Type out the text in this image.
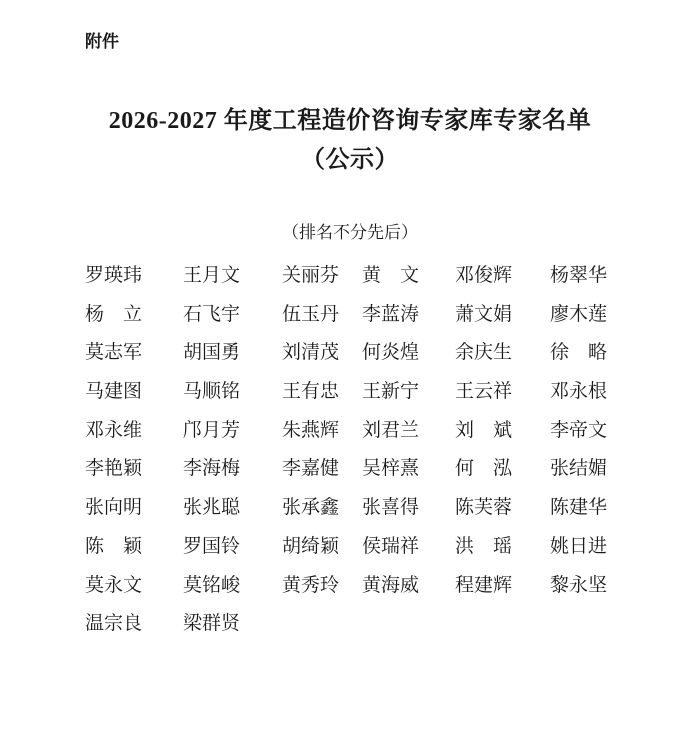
附件
2026-2027 年度工程造价咨询专家库专家名单
（公示）
（排名不分先后）
罗瑛玮 王月文 关丽芬 黄　文 邓俊辉 杨翠华
杨　立 石飞宇 伍玉丹 李蓝涛 萧文娟 廖木莲
莫志军 胡国勇 刘清茂 何炎煌 余庆生 徐　略
马建图 马顺铭 王有忠 王新宁 王云祥 邓永根
邓永维 邝月芳 朱燕辉 刘君兰 刘　斌 李帝文
李艳颖 李海梅 李嘉健 吴梓熹 何　泓 张结媚
张向明 张兆聪 张承鑫 张喜得 陈芙蓉 陈建华
陈　颖 罗国铃 胡绮颖 侯瑞祥 洪　瑶 姚日进
莫永文 莫铭峻 黄秀玲 黄海威 程建辉 黎永坚
温宗良 梁群贤
